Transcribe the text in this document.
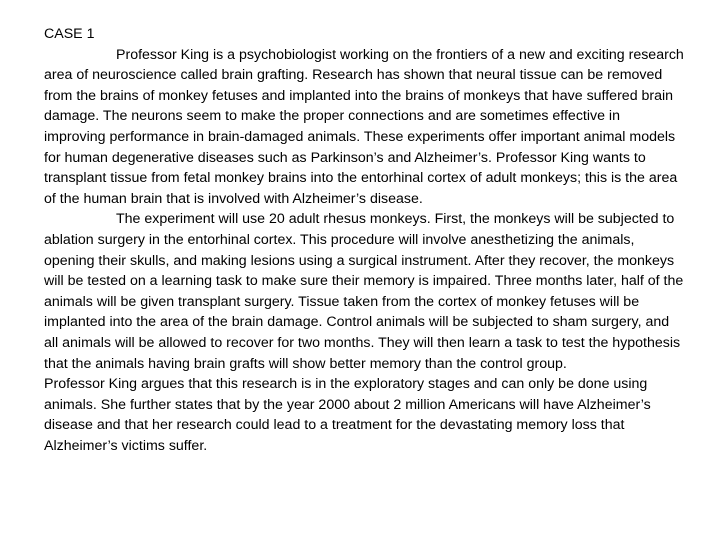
CASE 1

Professor King is a psychobiologist working on the frontiers of a new and exciting research area of neuroscience called brain grafting. Research has shown that neural tissue can be removed from the brains of monkey fetuses and implanted into the brains of monkeys that have suffered brain damage. The neurons seem to make the proper connections and are sometimes effective in improving performance in brain-damaged animals. These experiments offer important animal models for human degenerative diseases such as Parkinson’s and Alzheimer’s. Professor King wants to transplant tissue from fetal monkey brains into the entorhinal cortex of adult monkeys; this is the area of the human brain that is involved with Alzheimer’s disease.

The experiment will use 20 adult rhesus monkeys. First, the monkeys will be subjected to ablation surgery in the entorhinal cortex. This procedure will involve anesthetizing the animals, opening their skulls, and making lesions using a surgical instrument. After they recover, the monkeys will be tested on a learning task to make sure their memory is impaired. Three months later, half of the animals will be given transplant surgery. Tissue taken from the cortex of monkey fetuses will be implanted into the area of the brain damage. Control animals will be subjected to sham surgery, and all animals will be allowed to recover for two months. They will then learn a task to test the hypothesis that the animals having brain grafts will show better memory than the control group.

Professor King argues that this research is in the exploratory stages and can only be done using animals. She further states that by the year 2000 about 2 million Americans will have Alzheimer’s disease and that her research could lead to a treatment for the devastating memory loss that Alzheimer’s victims suffer.
